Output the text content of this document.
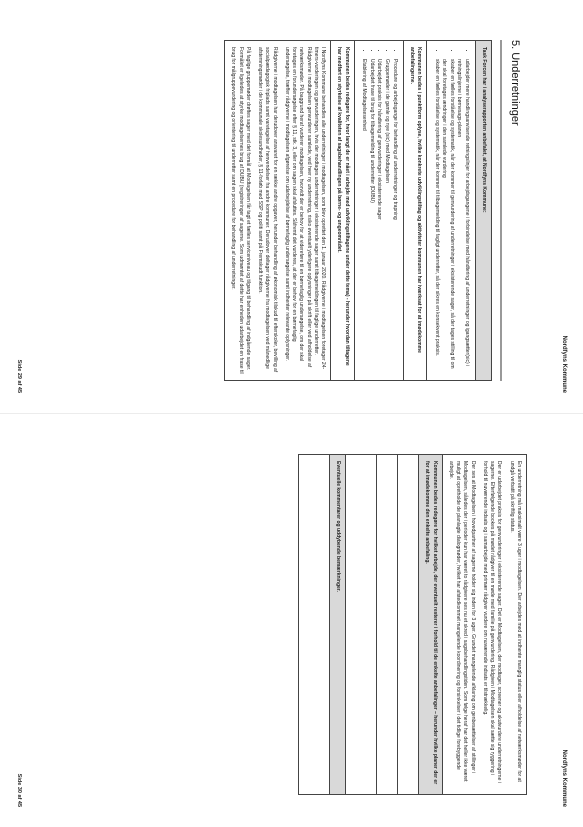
Nordfyns Kommune
5. Underretninger
Task Forcen har i analyserapporten anbefalet, at Nordfyns Kommune:

• udarbejder mere handlingsanvisende retningslinjer for arbejdsgangene i forbindelse med håndtering af underretninger og igangsætter(sic) i retningslinjerne i børnesags-planen
• skaber en fælles forståelse og systematik, når der kommer til genvurdering af underretninger i eksisterende sager, så der tages stilling til om der skal foretages ændringer i den samlede vurdering
• skaber en fælles forståelse og systematik, når der kommer til tilbagemelding til fagligt underretter, så der sikres en konsekvent praksis.

Kommunen bedes i punktform oplyse, hvilke konkrete udviklingstiltag og aktiviteter kommunen har iværksat for at imødekomme anbefalingerne.

• Procedure og arbejdsgange for behandling af underretninger og trapning
• Gruppemøder i de gamle og nye (sic) med Modtagelsen
• Udarbejdet praksis for håndtering af genvurderinger i eksisterende sager
• Udarbejdet frase til brug for tilbagemelding til underretter (DUBU)
• Etablering af Modtagelsesenhed

Kommunen bedes redegøre for, hvor langt de er nået i arbejde med udviklingstiltagene under dette tema) - herunder hvordan tiltagene har medført en styrkelse af kvaliteten af sagsbehandlingen på børne- og ungeområdet.

I Nordfyns Kommune behandles alle underretninger i modtagelsen, som blev oprettet den 1. januar 2020. Rådgiverne i modtagelsen foretager 24-timers-vurderingen og genvurderingen, hvis der modtages underretninger i eksisterende sager samt tilbagemeldingen til faglige underretter. Rådgiverne i modtagelsen genvurderer samlede, ved hver ny underretning, risiko eventuelt yderligere oplysninger på skrift eller ved afholdelse af netværksmøder. På baggrund heraf vurderer modtagelsen, hvorvidt der er behov for at videreføre til en børnefaglig undersøgelse, om der skal foretages en forundersøgelse efter § 11, stk. 3, eller om sagen skal afsluttes. Såfremt det vurderes, at der er behov for en børnefaglig undersøgelse, træffer rådgiverne i modtagelsen afgørelse om udarbejdelse af børnefaglig undersøgelse samt indhenter relevante oplysninger.

Rådgiverne i modtagelsen har derudover ansvaret for en række andre opgaver, herunder behandling af økonomisk tilskud til efterskoler, bevilling af socialpædagogisk friplads samt varetagelse af henvendelser fra andre kommuner. Derudover deltager rådgiverne fra modtagelsen ved månedlige afstemningsmøder i de kommunale skolesundheder, § 11-forløb med SSP og politi samt på Fremskudt funktion.

På faglige gruppemøder drøftes sager med det formål at Modtagelsen får tagt et fælles serviceniveau og tilgang til behandling af indgående sager. Formålet er ligeledes at styrke modtagelsernes brug af DUBU (registreringer af sagerne. Som udmøntet af dette har enheden udarbejdet en frase til brug for målgruppevurdering og orientering til underretter samt en procedure for behandling af underretninger.

Side 29 af 45
Nordfyns Kommune

En underretning må maksimalt være 3 uger i modtagelsen. Der arbejdes med at indhente manglig status eller afholdelse af netværksmøder for at undgå verbatit på skriftlig status.

Der er udarbejdet praksis for genvurderinger i eksisterende sager. Det er Modtagelsen, der modtager, screener og akutvurdere underretningerne i sagerne. Efterfølgende bookes på mødet rådgiver til en møde med familie på genvurdering. Rådgiven i Modtagelsen skal sætte sig ryggering i forhold til nuværende indsats og i samarbejde med primær rådgiver vurdere om nuværende indsats er tilstrækkelig.

Der ses at Modtagelsen i hovedpartner af sagerne holder sig inden for 3 uger. Grundet mangelende afklaring om genbesættelser af stillinger i Modtagelsen, således der i perioder kun har været to rådgivere ses nu et skred i sagsbehandlingstiden. Som følge heraf har det heller ikke været muligt at opretholde de planlagte dialogmøder, hvilket har afstedkommet mangelende koordinering og forsinkelser i det tidlige forebyggende arbejde.

Kommunen bedes redegøre for hvilket arbejde, der eventuelt resterer i forhold til de enkelte anbefalinger – herunder hvilke planer der er for at imødekomme den enkelte anbefaling.

Eventuelle kommentarer og uddybende bemærkninger.

Side 30 af 45
